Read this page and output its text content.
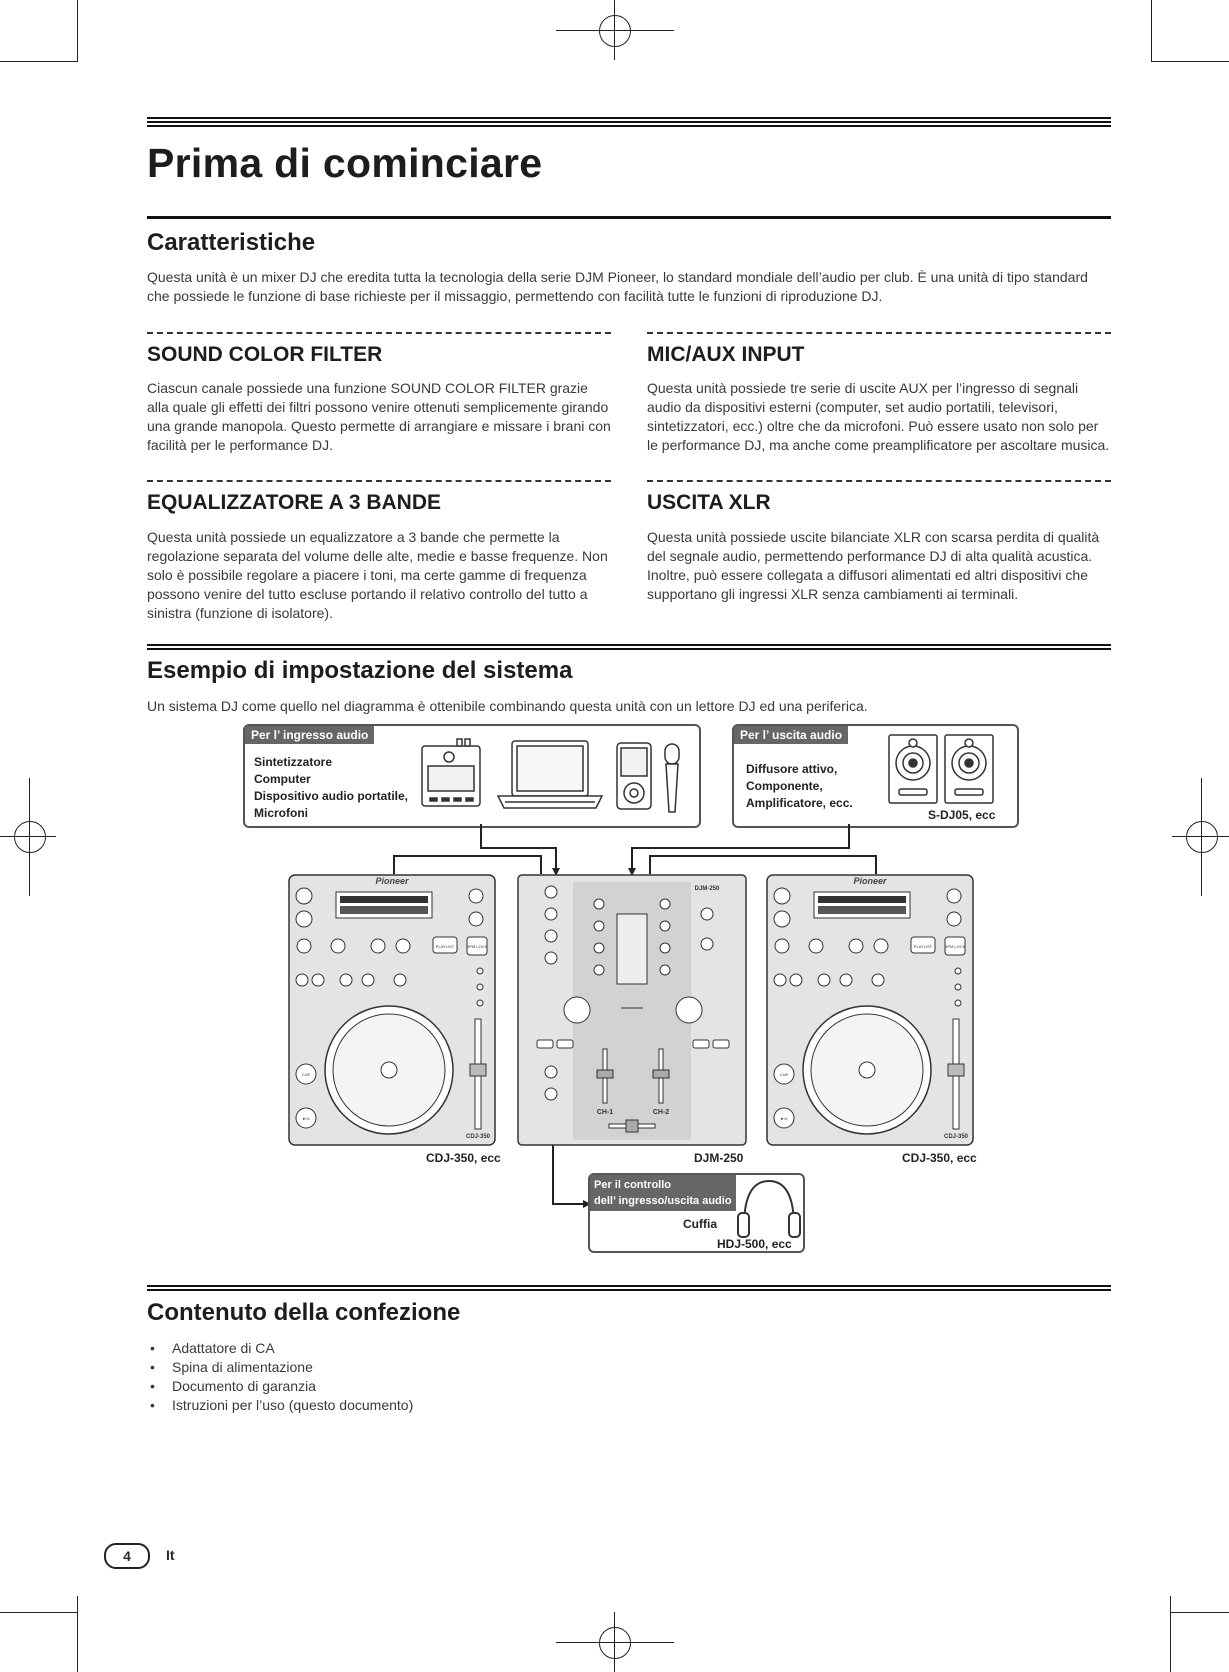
Prima di cominciare
Caratteristiche

Questa unità è un mixer DJ che eredita tutta la tecnologia della serie DJM Pioneer, lo standard mondiale dell’audio per club. È una unità di tipo standard che possiede le funzione di base richieste per il missaggio, permettendo con facilità tutte le funzioni di riproduzione DJ.

SOUND COLOR FILTER	MIC/AUX INPUT

Ciascun canale possiede una funzione SOUND COLOR FILTER grazie alla quale gli effetti dei filtri possono venire ottenuti semplicemente girando una grande manopola. Questo permette di arrangiare e missare i brani con facilità per le performance DJ.

Questa unità possiede tre serie di uscite AUX per l’ingresso di segnali audio da dispositivi esterni (computer, set audio portatili, televisori, sintetizzatori, ecc.) oltre che da microfoni. Può essere usato non solo per le performance DJ, ma anche come preamplificatore per ascoltare musica.

EQUALIZZATORE A 3 BANDE	USCITA XLR

Questa unità possiede un equalizzatore a 3 bande che permette la regolazione separata del volume delle alte, medie e basse frequenze. Non solo è possibile regolare a piacere i toni, ma certe gamme di frequenza possono venire del tutto escluse portando il relativo controllo del tutto a sinistra (funzione di isolatore).

Questa unità possiede uscite bilanciate XLR con scarsa perdita di qualità del segnale audio, permettendo performance DJ di alta qualità acustica. Inoltre, può essere collegata a diffusori alimentati ed altri dispositivi che supportano gli ingressi XLR senza cambiamenti ai terminali.

Esempio di impostazione del sistema

Un sistema DJ come quello nel diagramma è ottenibile combinando questa unità con un lettore DJ ed una periferica.

Per l’ ingresso audio
Sintetizzatore
Computer
Dispositivo audio portatile,
Microfoni
Per l’ uscita audio
Diffusore attivo,
Componente,
Amplificatore, ecc.
S-DJ05, ecc
Pioneer
PLAYLIST	BPM LOCK
CUE
►/II
CDJ-350
Pioneer
PLAYLIST	BPM LOCK
CUE
►/II
CDJ-350
DJM-250
CH-1	CH-2
CDJ-350, ecc	DJM-250	CDJ-350, ecc
Per il controllo
dell’ ingresso/uscita audio
Cuffia
HDJ-500, ecc
Contenuto della confezione
• Adattatore di CA
• Spina di alimentazione
• Documento di garanzia
• Istruzioni per l’uso (questo documento)
4	It
